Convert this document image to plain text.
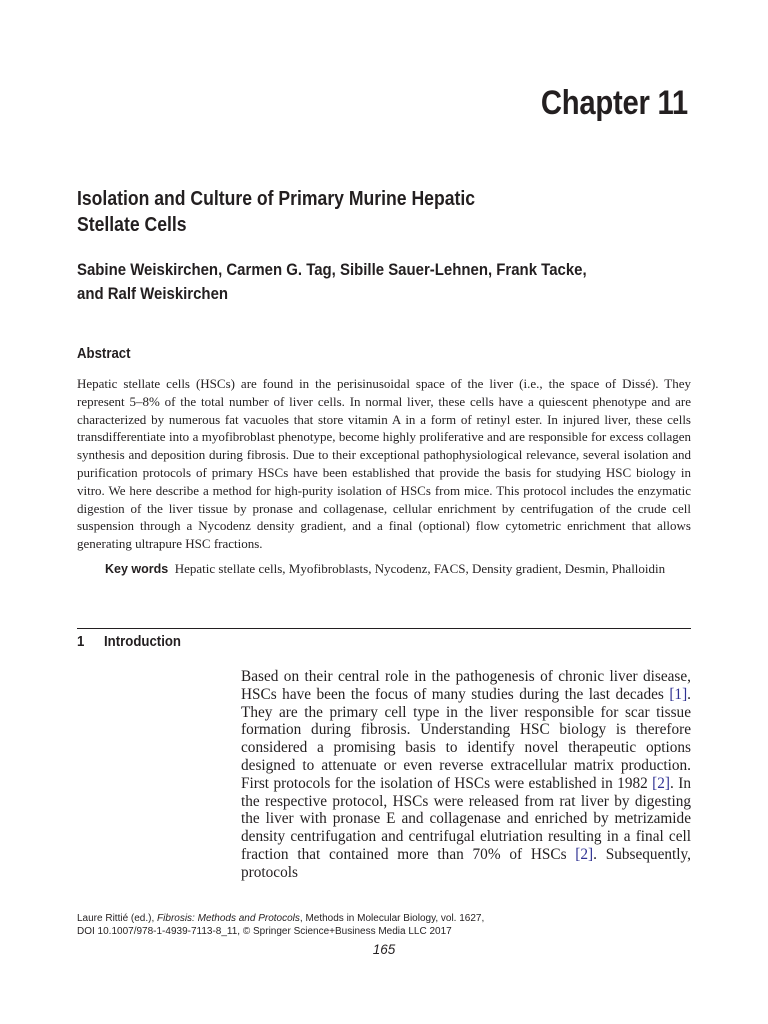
Chapter 11
Isolation and Culture of Primary Murine Hepatic
Stellate Cells
Sabine Weiskirchen, Carmen G. Tag, Sibille Sauer-Lehnen, Frank Tacke,
and Ralf Weiskirchen
Abstract
Hepatic stellate cells (HSCs) are found in the perisinusoidal space of the liver (i.e., the space of Dissé). They represent 5–8% of the total number of liver cells. In normal liver, these cells have a quiescent phenotype and are characterized by numerous fat vacuoles that store vitamin A in a form of retinyl ester. In injured liver, these cells transdifferentiate into a myofibroblast phenotype, become highly proliferative and are responsible for excess collagen synthesis and deposition during fibrosis. Due to their exceptional pathophysiological relevance, several isolation and purification protocols of primary HSCs have been established that provide the basis for studying HSC biology in vitro. We here describe a method for high-purity isolation of HSCs from mice. This protocol includes the enzymatic digestion of the liver tissue by pronase and collagenase, cellular enrichment by centrifugation of the crude cell suspension through a Nycodenz density gradient, and a final (optional) flow cytometric enrichment that allows generating ultrapure HSC fractions.
Key words Hepatic stellate cells, Myofibroblasts, Nycodenz, FACS, Density gradient, Desmin, Phalloidin
1 Introduction
Based on their central role in the pathogenesis of chronic liver disease, HSCs have been the focus of many studies during the last decades [1]. They are the primary cell type in the liver responsible for scar tissue formation during fibrosis. Understanding HSC biology is therefore considered a promising basis to identify novel therapeutic options designed to attenuate or even reverse extracellular matrix production. First protocols for the isolation of HSCs were established in 1982 [2]. In the respective protocol, HSCs were released from rat liver by digesting the liver with pronase E and collagenase and enriched by metrizamide density centrifugation and centrifugal elutriation resulting in a final cell fraction that contained more than 70% of HSCs [2]. Subsequently, protocols
Laure Rittié (ed.), Fibrosis: Methods and Protocols, Methods in Molecular Biology, vol. 1627,
DOI 10.1007/978-1-4939-7113-8_11, © Springer Science+Business Media LLC 2017
165
